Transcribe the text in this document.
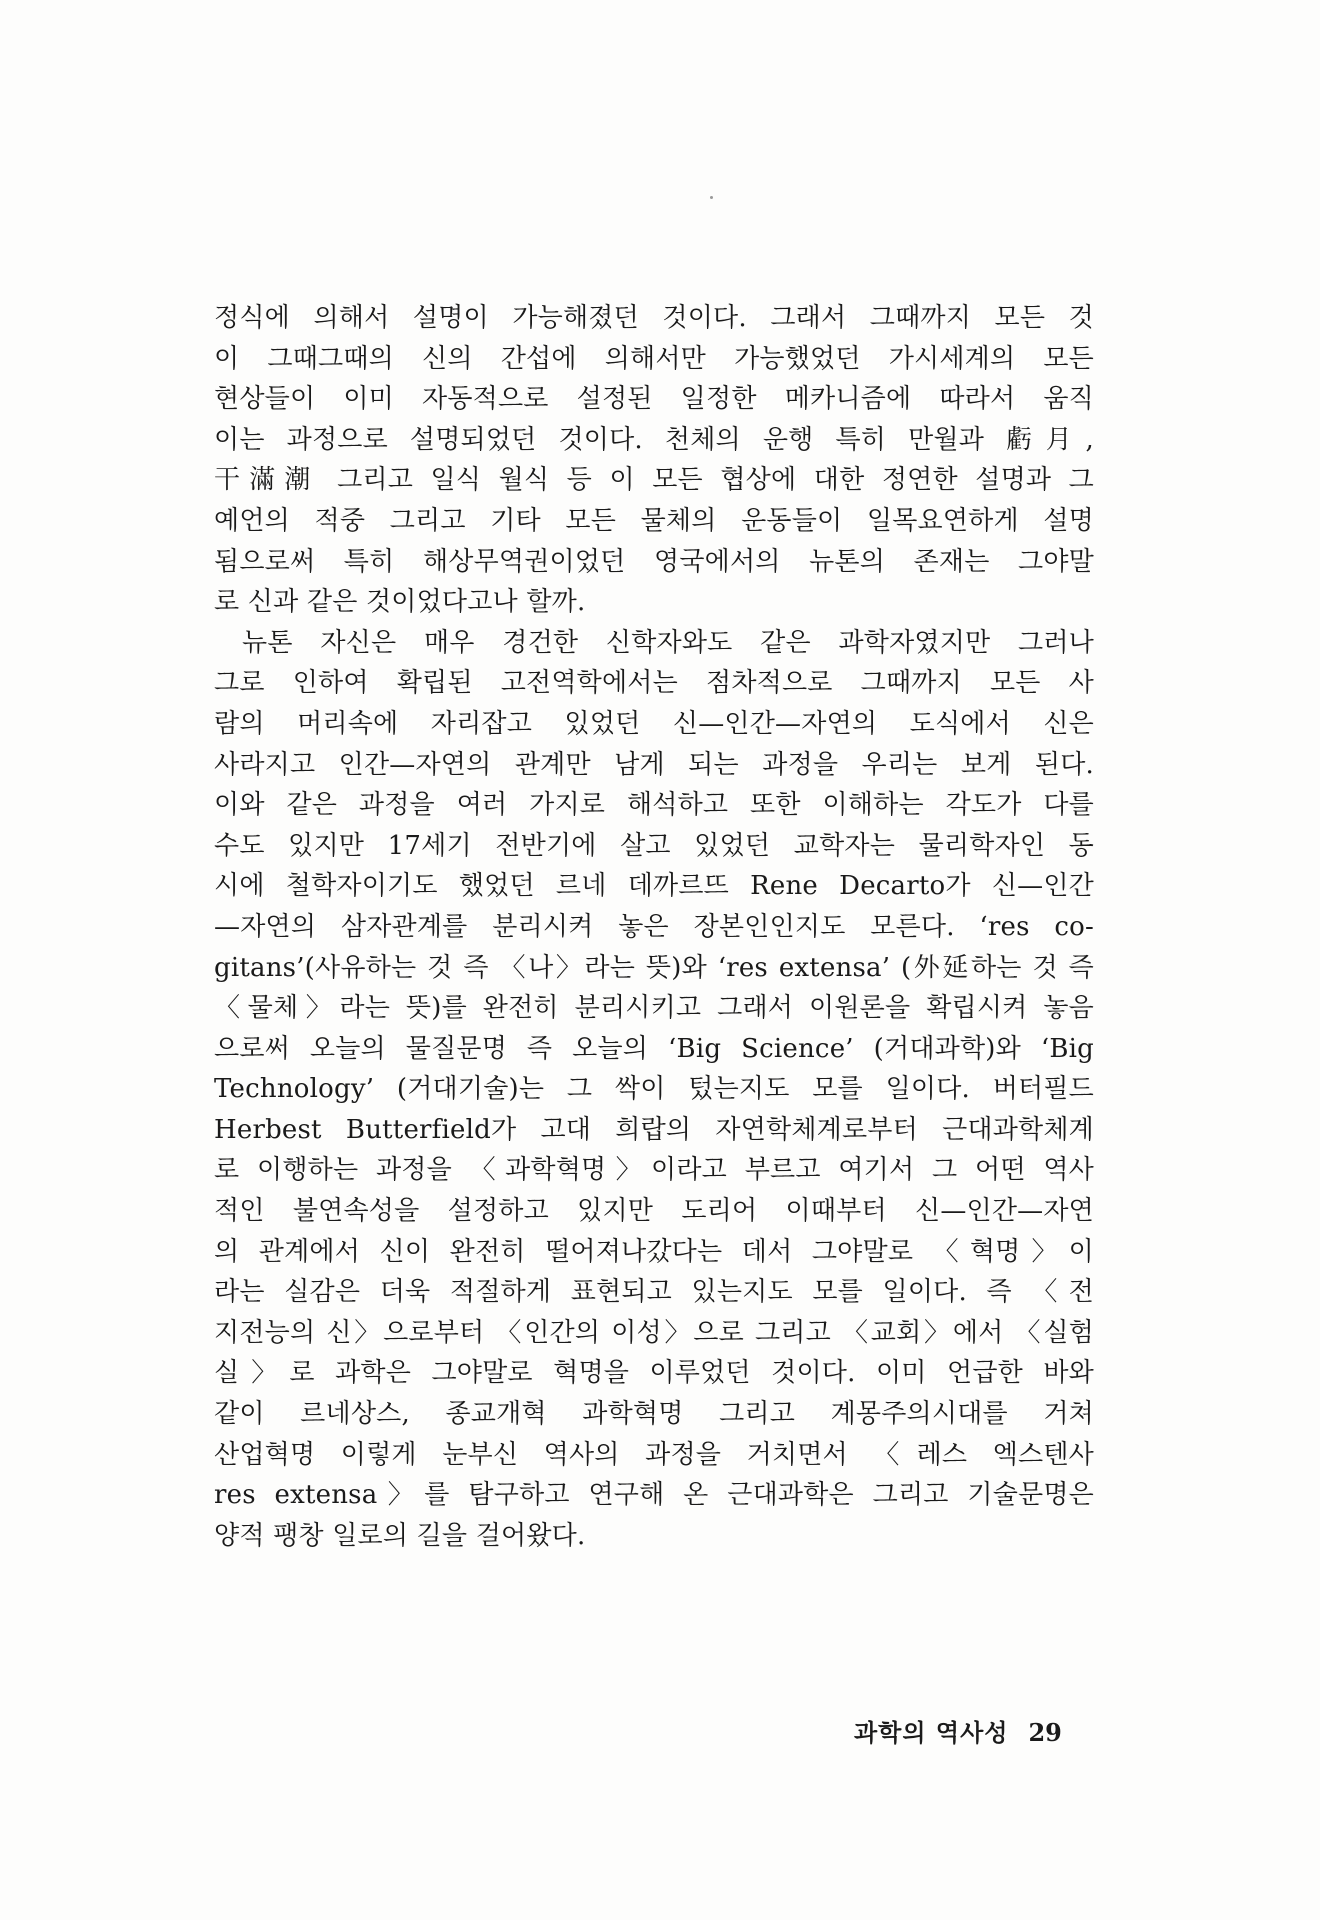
정식에 의해서 설명이 가능해졌던 것이다. 그래서 그때까지 모든 것
이 그때그때의 신의 간섭에 의해서만 가능했었던 가시세계의 모든
현상들이 이미 자동적으로 설정된 일정한 메카니즘에 따라서 움직
이는 과정으로 설명되었던 것이다. 천체의 운행 특히 만월과 虧月,
干滿潮 그리고 일식 월식 등 이 모든 협상에 대한 정연한 설명과 그
예언의 적중 그리고 기타 모든 물체의 운동들이 일목요연하게 설명
됨으로써 특히 해상무역권이었던 영국에서의 뉴톤의 존재는 그야말
로 신과 같은 것이었다고나 할까.
뉴톤 자신은 매우 경건한 신학자와도 같은 과학자였지만 그러나
그로 인하여 확립된 고전역학에서는 점차적으로 그때까지 모든 사
람의 머리속에 자리잡고 있었던 신—인간—자연의 도식에서 신은
사라지고 인간—자연의 관계만 남게 되는 과정을 우리는 보게 된다.
이와 같은 과정을 여러 가지로 해석하고 또한 이해하는 각도가 다를
수도 있지만 17세기 전반기에 살고 있었던 교학자는 물리학자인 동
시에 철학자이기도 했었던 르네 데까르뜨 Rene Decarto가 신—인간
—자연의 삼자관계를 분리시켜 놓은 장본인인지도 모른다. ‘res co-
gitans’(사유하는 것 즉 〈나〉라는 뜻)와 ‘res extensa’ (外延하는 것 즉
〈물체〉라는 뜻)를 완전히 분리시키고 그래서 이원론을 확립시켜 놓음
으로써 오늘의 물질문명 즉 오늘의 ‘Big Science’ (거대과학)와 ‘Big
Technology’ (거대기술)는 그 싹이 텄는지도 모를 일이다. 버터필드
Herbest Butterfield가 고대 희랍의 자연학체계로부터 근대과학체계
로 이행하는 과정을 〈과학혁명〉이라고 부르고 여기서 그 어떤 역사
적인 불연속성을 설정하고 있지만 도리어 이때부터 신—인간—자연
의 관계에서 신이 완전히 떨어져나갔다는 데서 그야말로 〈혁명〉이
라는 실감은 더욱 적절하게 표현되고 있는지도 모를 일이다. 즉 〈전
지전능의 신〉으로부터 〈인간의 이성〉으로 그리고 〈교회〉에서 〈실험
실〉로 과학은 그야말로 혁명을 이루었던 것이다. 이미 언급한 바와
같이 르네상스, 종교개혁 과학혁명 그리고 계몽주의시대를 거쳐
산업혁명 이렇게 눈부신 역사의 과정을 거치면서 〈레스 엑스텐사
res extensa〉를 탐구하고 연구해 온 근대과학은 그리고 기술문명은
양적 팽창 일로의 길을 걸어왔다.
과학의 역사성 29
